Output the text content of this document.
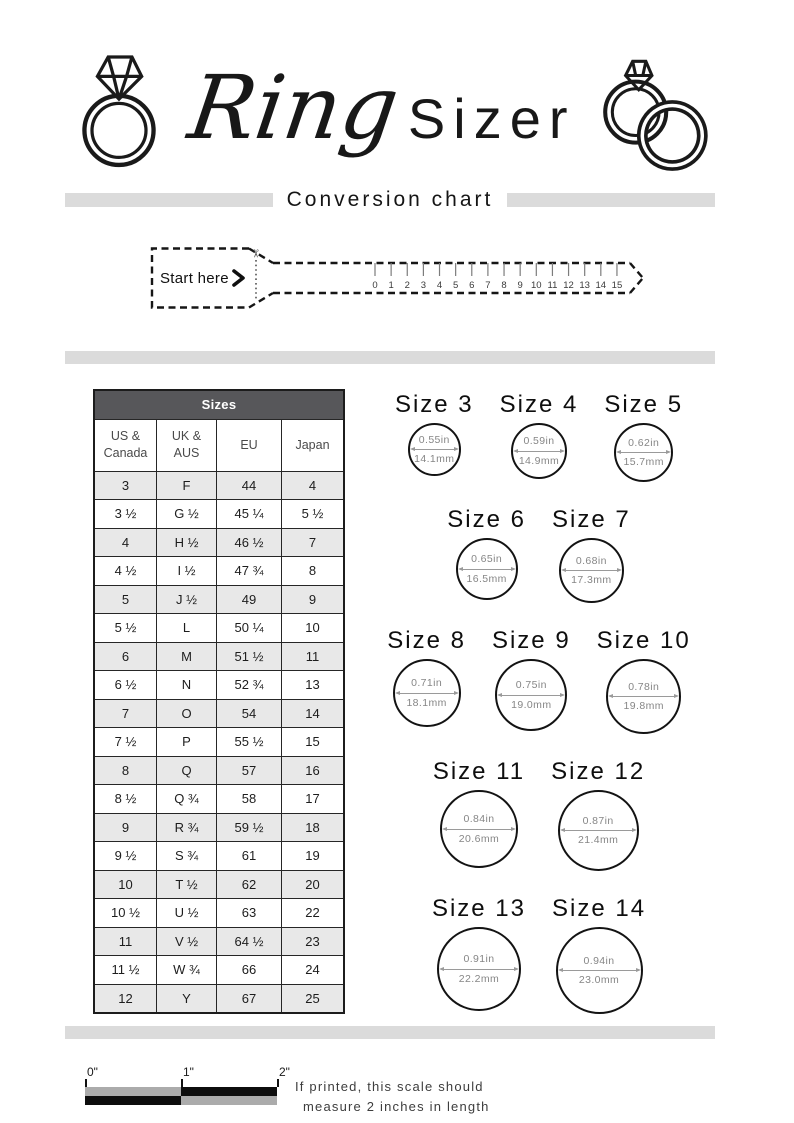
Ring Sizer
Conversion chart
✂
Start here	0 1 2 3 4 5 6 7 8 9 10 11 12 13 14 15
Sizes			
US & Canada	UK & AUS	EU	Japan
3	F	44	4
3 ½	G ½	45 ¼	5 ½
4	H ½	46 ½	7
4 ½	I ½	47 ¾	8
5	J ½	49	9
5 ½	L	50 ¼	10
6	M	51 ½	11
6 ½	N	52 ¾	13
7	O	54	14
7 ½	P	55 ½	15
8	Q	57	16
8 ½	Q ¾	58	17
9	R ¾	59 ½	18
9 ½	S ¾	61	19
10	T ½	62	20
10 ½	U ½	63	22
11	V ½	64 ½	23
11 ½	W ¾	66	24
12	Y	67	25
Size 3
0.55in
14.1mm
Size 4
0.59in
14.9mm
Size 5
0.62in
15.7mm
Size 6
0.65in
16.5mm
Size 7
0.68in
17.3mm
Size 8
0.71in
18.1mm
Size 9
0.75in
19.0mm
Size 10
0.78in
19.8mm
Size 11
0.84in
20.6mm
Size 12
0.87in
21.4mm
Size 13
0.91in
22.2mm
Size 14
0.94in
23.0mm
0"	1"	2"
If printed, this scale should
measure 2 inches in length
